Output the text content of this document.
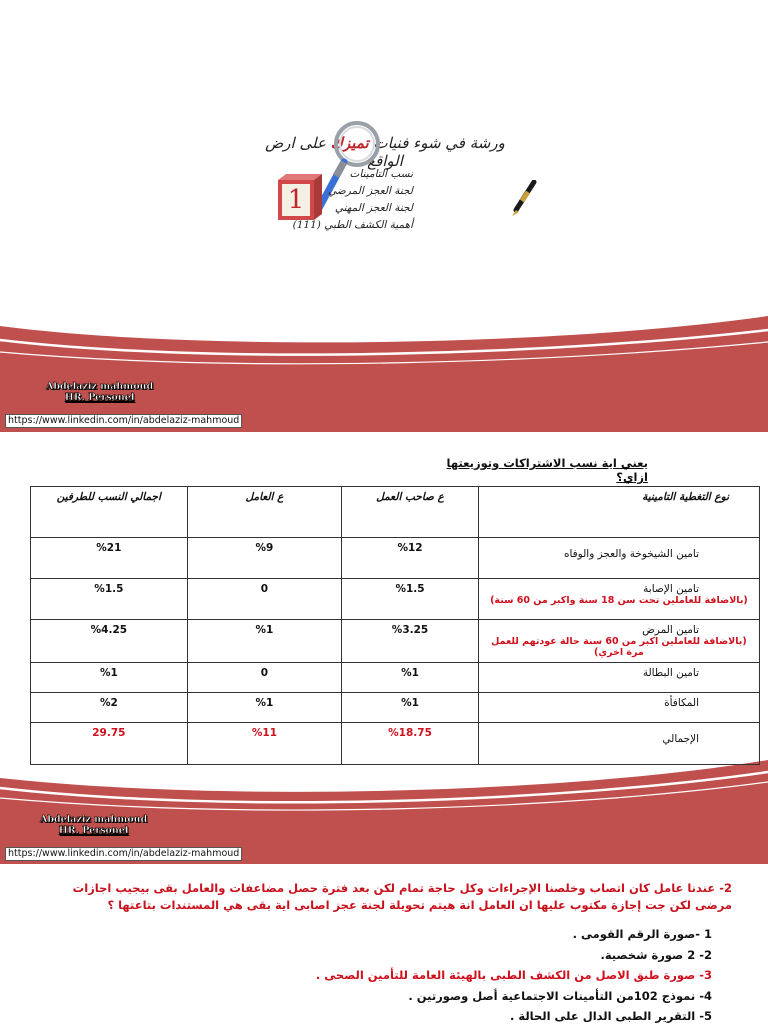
ورشة في شوء فنيات تميزك على ارض الواقع
1
نسب التامينات
لجنة العجز المرضي
لجنة العجز المهني
أهمية الكشف الطبي (111)
Abdelaziz mahmoud
HR. Personel
https://www.linkedin.com/in/abdelaziz-mahmoud
يعني اية نسب الاشتراكات وتوزيعتها ازاي؟
نوع التغطية التامينية	ع صاحب العمل	ع العامل	اجمالي النسب للطرفين
تامين الشيخوخة والعجز والوفاه	%12	%9	%21

تامين الإصابة
(بالاضافة للعاملين تحت سن 18 سنة واكبر من 60 سنة)	%1.5	0	%1.5

تامين المرض
(بالاضافة للعاملين اكبر من 60 سنة حالة عودتهم للعمل مرة اخري)	%3.25	%1	%4.25
تامين البطالة	%1	0	%1
المكافأة	%1	%1	%2
الإجمالي	%18.75	%11	29.75
Abdelaziz mahmoud
HR. Personel
https://www.linkedin.com/in/abdelaziz-mahmoud
2- عندنا عامل كان اتصاب وخلصنا الإجراءات وكل حاجة تمام لكن بعد فترة حصل مضاعفات والعامل بقى بيجيب اجازات مرضى لكن جت إجازة مكتوب عليها ان العامل انة هيتم تحويلة لجنة عجز اصابى اية بقى هي المستندات بتاعتها ؟
1 -صورة الرقم القومى .
2- 2 صورة شخصية.
3- صورة طبق الاصل من الكشف الطبى بالهيئة العامة للتأمين الصحى .
4- نموذج 102من التأمينات الاجتماعية أصل وصورتين .
5- التقرير الطبى الدال على الحالة .
